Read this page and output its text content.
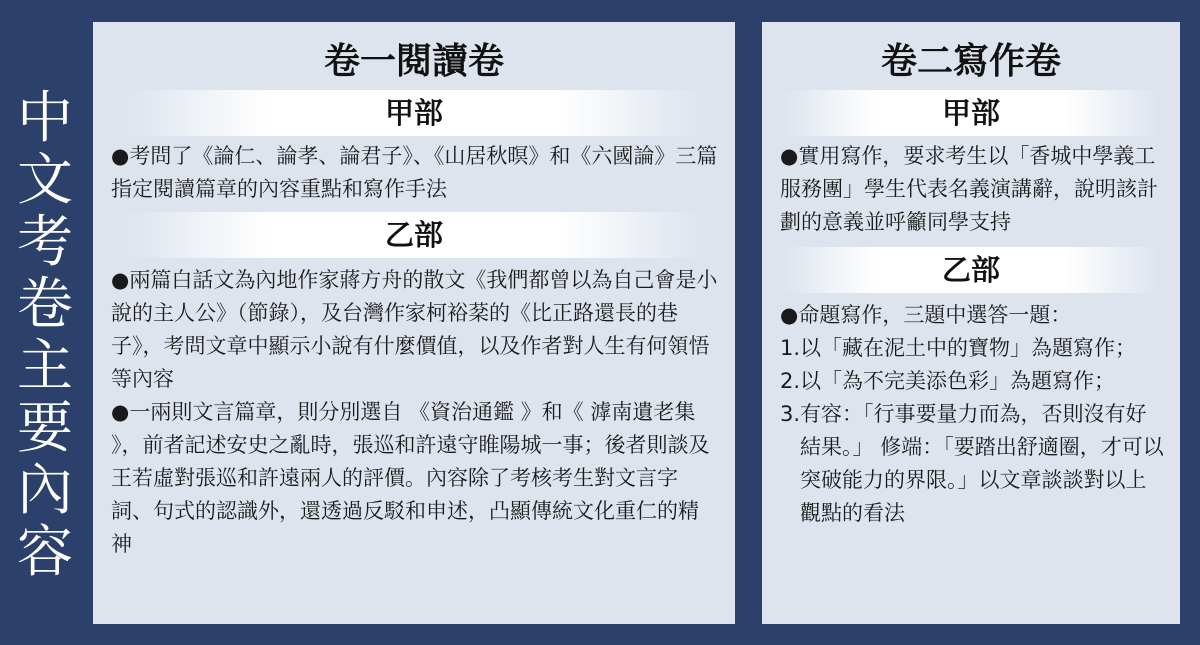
中
文
考
卷
主
要
內
容
卷一閱讀卷
甲部

●考問了《論仁、論孝、論君子》、《山居秋暝》和《六國論》三篇指定閱讀篇章的內容重點和寫作手法

乙部

●兩篇白話文為內地作家蔣方舟的散文《我們都曾以為自己會是小說的主人公》（節錄），及台灣作家柯裕棻的《比正路還長的巷子》，考問文章中顯示小說有什麼價值，以及作者對人生有何領悟等內容

●一兩則文言篇章，則分別選自 《資治通鑑 》和《 滹南遺老集 》，前者記述安史之亂時，張巡和許遠守睢陽城一事；後者則談及王若虛對張巡和許遠兩人的評價。內容除了考核考生對文言字詞、句式的認識外，還透過反駁和申述，凸顯傳統文化重仁的精神

卷二寫作卷
甲部

●實用寫作，要求考生以「香城中學義工服務團」學生代表名義演講辭，說明該計劃的意義並呼籲同學支持

乙部

●命題寫作，三題中選答一題：

1. 以「藏在泥土中的寶物」為題寫作；
2. 以「為不完美添色彩」為題寫作；
3. 有容：「行事要量力而為，否則沒有好結果。」 修端：「要踏出舒適圈，才可以突破能力的界限。」以文章談談對以上觀點的看法
